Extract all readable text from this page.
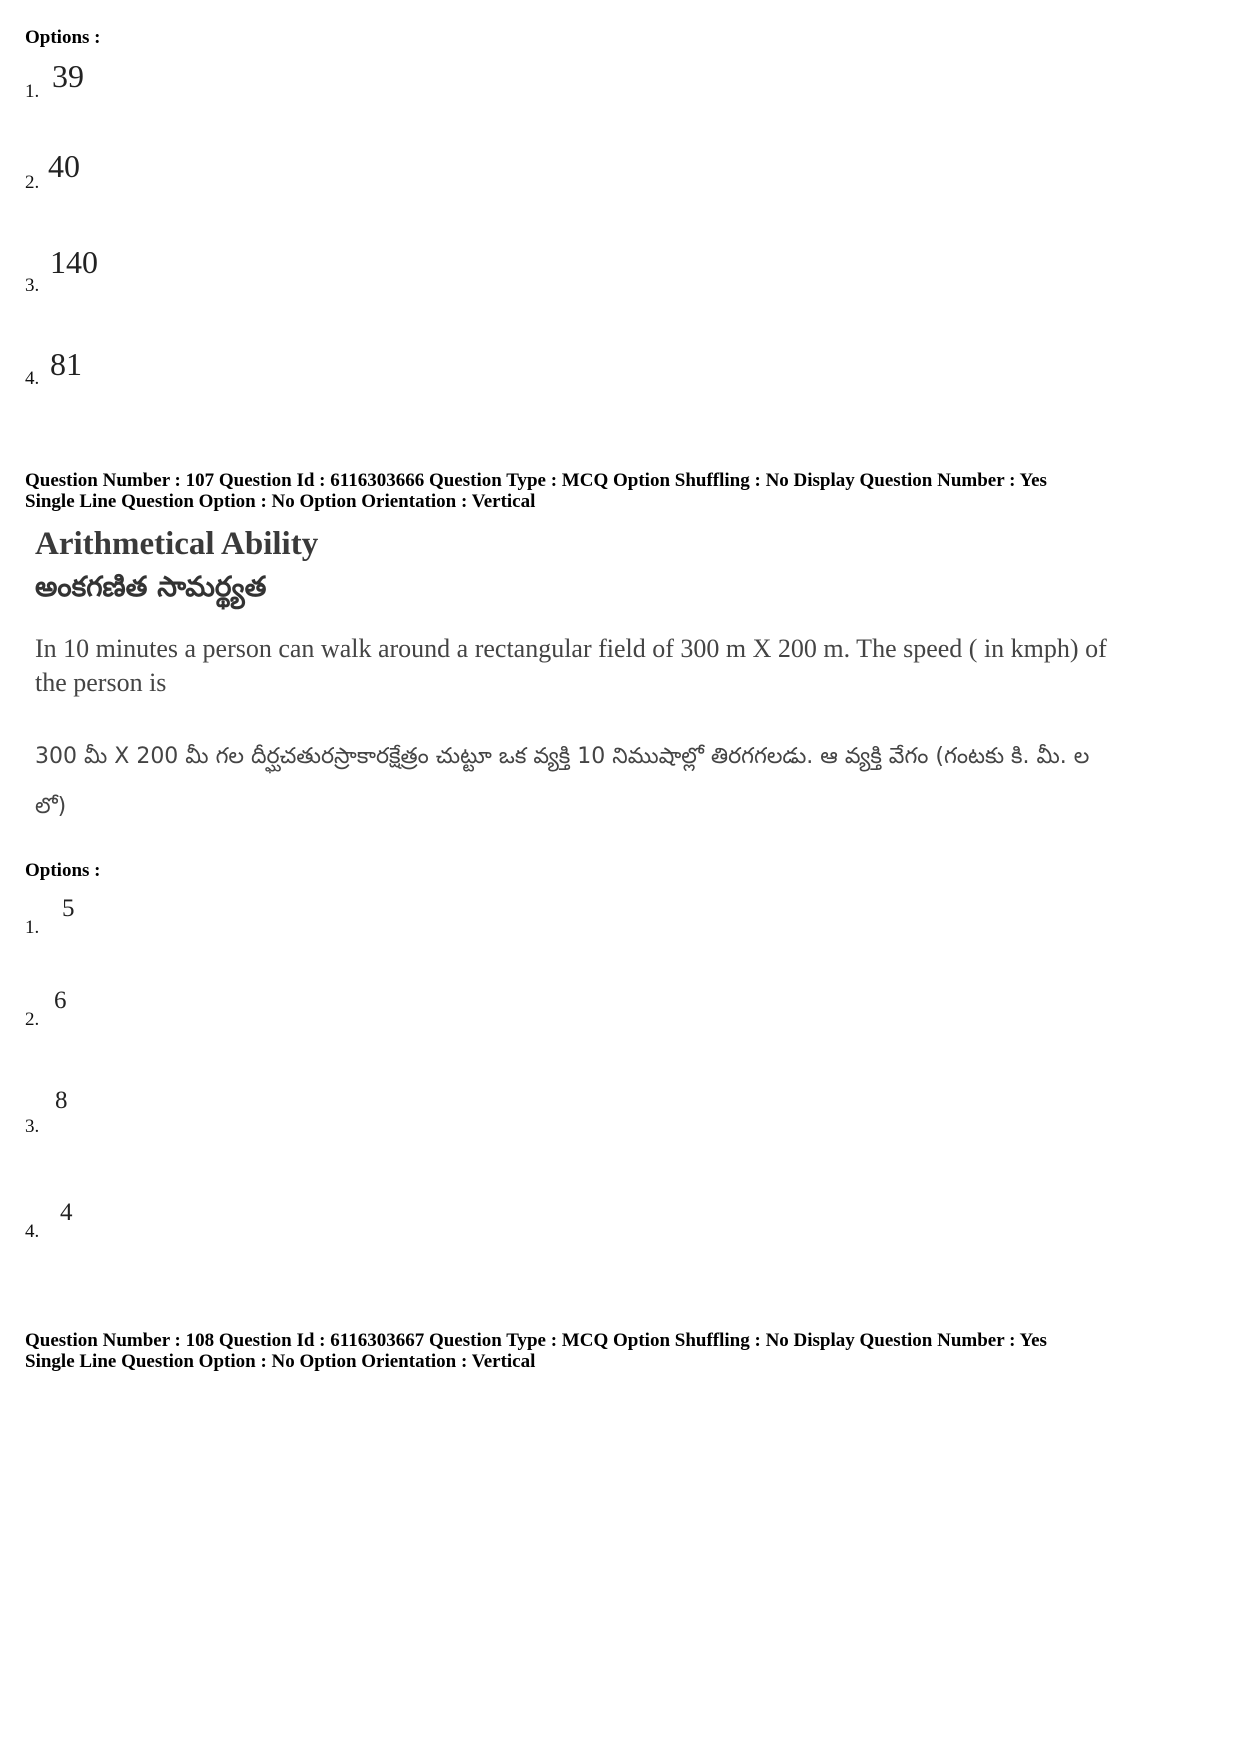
Options :
1. 39
2. 40
3.
140
4. 81
Question Number : 107 Question Id : 6116303666 Question Type : MCQ Option Shuffling : No Display Question Number : Yes
Single Line Question Option : No Option Orientation : Vertical
Arithmetical Ability
అంకగణిత సామర్థ్యత
In 10 minutes a person can walk around a rectangular field of 300 m X 200 m. The speed ( in kmph) of the person is
300 మీ X 200 మీ గల దీర్ఘచతురస్రాకారక్షేత్రం చుట్టూ ఒక వ్యక్తి 10 నిముషాల్లో తిరగగలడు. ఆ వ్యక్తి వేగం (గంటకు కి. మీ. ల లో)
Options :
1.
5
2.
6
3.
8
4.
4
Question Number : 108 Question Id : 6116303667 Question Type : MCQ Option Shuffling : No Display Question Number : Yes
Single Line Question Option : No Option Orientation : Vertical
